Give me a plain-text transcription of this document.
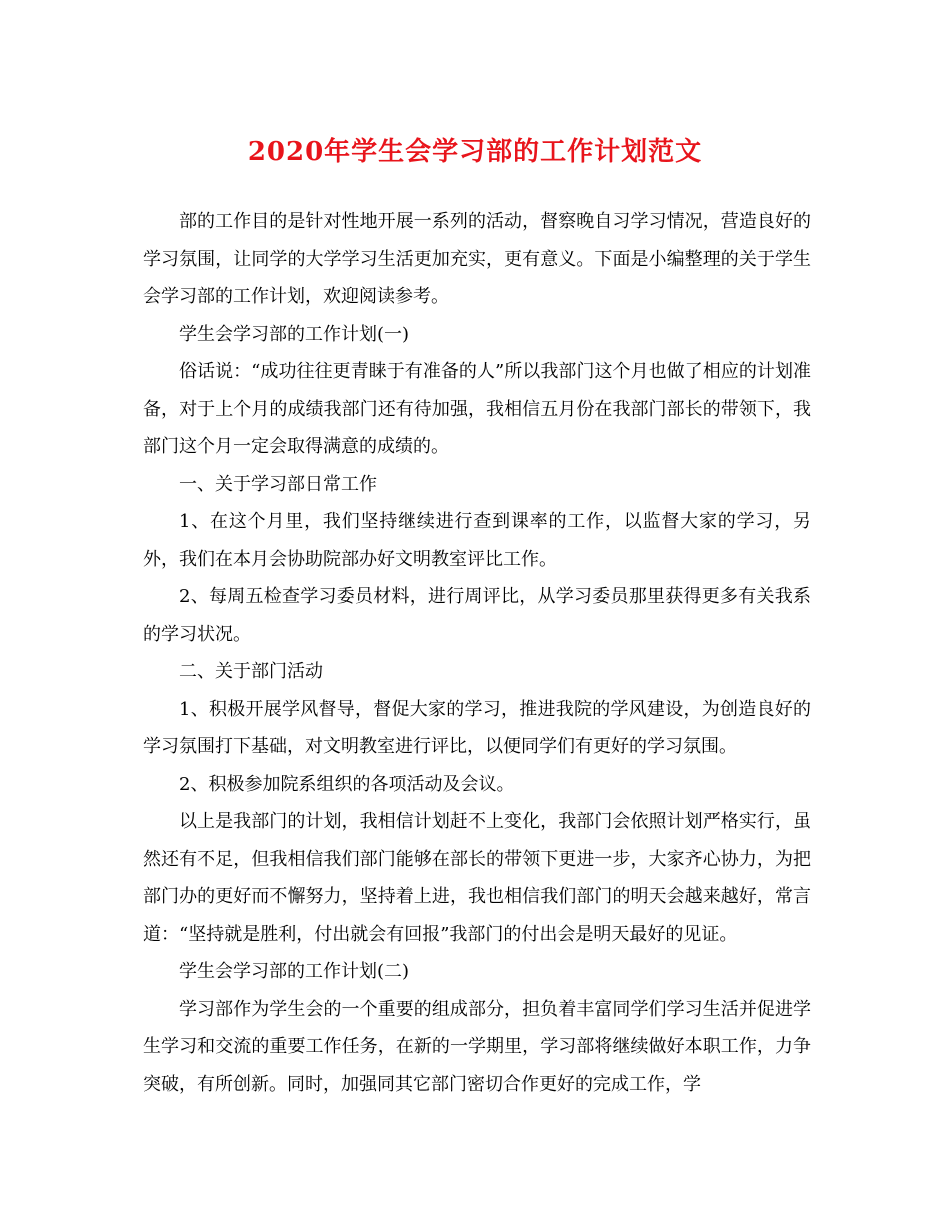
2020年学生会学习部的工作计划范文

部的工作目的是针对性地开展一系列的活动，督察晚自习学习情况，营造良好的学习氛围，让同学的大学学习生活更加充实，更有意义。下面是小编整理的关于学生会学习部的工作计划，欢迎阅读参考。

学生会学习部的工作计划(一)

俗话说：“成功往往更青睐于有准备的人”所以我部门这个月也做了相应的计划准备，对于上个月的成绩我部门还有待加强，我相信五月份在我部门部长的带领下，我部门这个月一定会取得满意的成绩的。

一、关于学习部日常工作

1、在这个月里，我们坚持继续进行查到课率的工作，以监督大家的学习，另外，我们在本月会协助院部办好文明教室评比工作。

2、每周五检查学习委员材料，进行周评比，从学习委员那里获得更多有关我系的学习状况。

二、关于部门活动

1、积极开展学风督导，督促大家的学习，推进我院的学风建设，为创造良好的学习氛围打下基础，对文明教室进行评比，以便同学们有更好的学习氛围。

2、积极参加院系组织的各项活动及会议。

以上是我部门的计划，我相信计划赶不上变化，我部门会依照计划严格实行，虽然还有不足，但我相信我们部门能够在部长的带领下更进一步，大家齐心协力，为把部门办的更好而不懈努力，坚持着上进，我也相信我们部门的明天会越来越好，常言道：“坚持就是胜利，付出就会有回报”我部门的付出会是明天最好的见证。

学生会学习部的工作计划(二)

学习部作为学生会的一个重要的组成部分，担负着丰富同学们学习生活并促进学生学习和交流的重要工作任务，在新的一学期里，学习部将继续做好本职工作，力争突破，有所创新。同时，加强同其它部门密切合作更好的完成工作，学
